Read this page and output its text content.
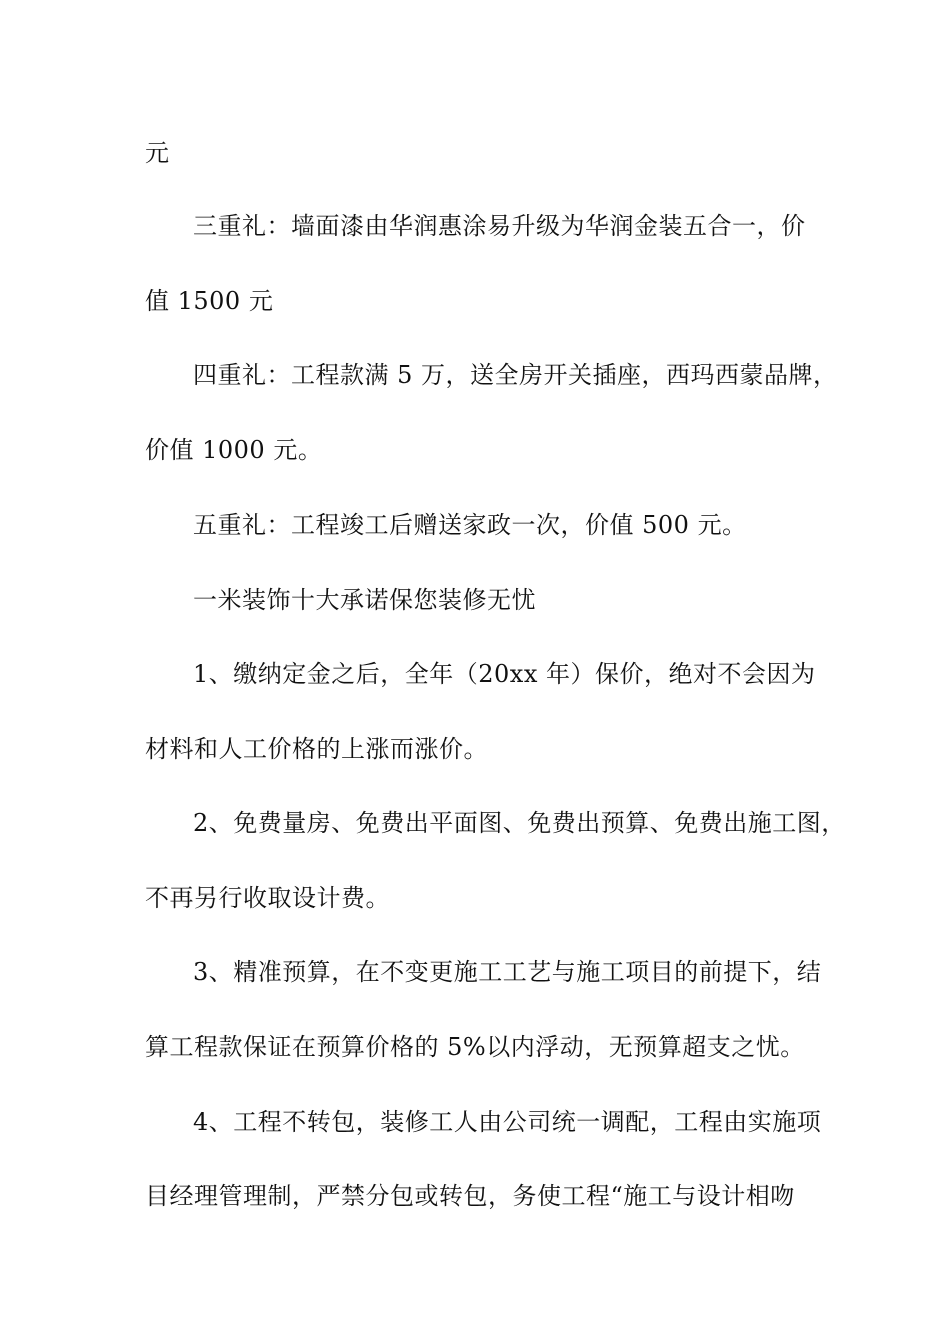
元
三重礼：墙面漆由华润惠涂易升级为华润金装五合一，价
值 1500 元
四重礼：工程款满 5 万，送全房开关插座，西玛西蒙品牌，
价值 1000 元。
五重礼：工程竣工后赠送家政一次，价值 500 元。
一米装饰十大承诺保您装修无忧
1、缴纳定金之后，全年（20xx 年）保价，绝对不会因为
材料和人工价格的上涨而涨价。
2、免费量房、免费出平面图、免费出预算、免费出施工图，
不再另行收取设计费。
3、精准预算，在不变更施工工艺与施工项目的前提下，结
算工程款保证在预算价格的 5%以内浮动，无预算超支之忧。
4、工程不转包，装修工人由公司统一调配，工程由实施项
目经理管理制，严禁分包或转包，务使工程“施工与设计相吻
